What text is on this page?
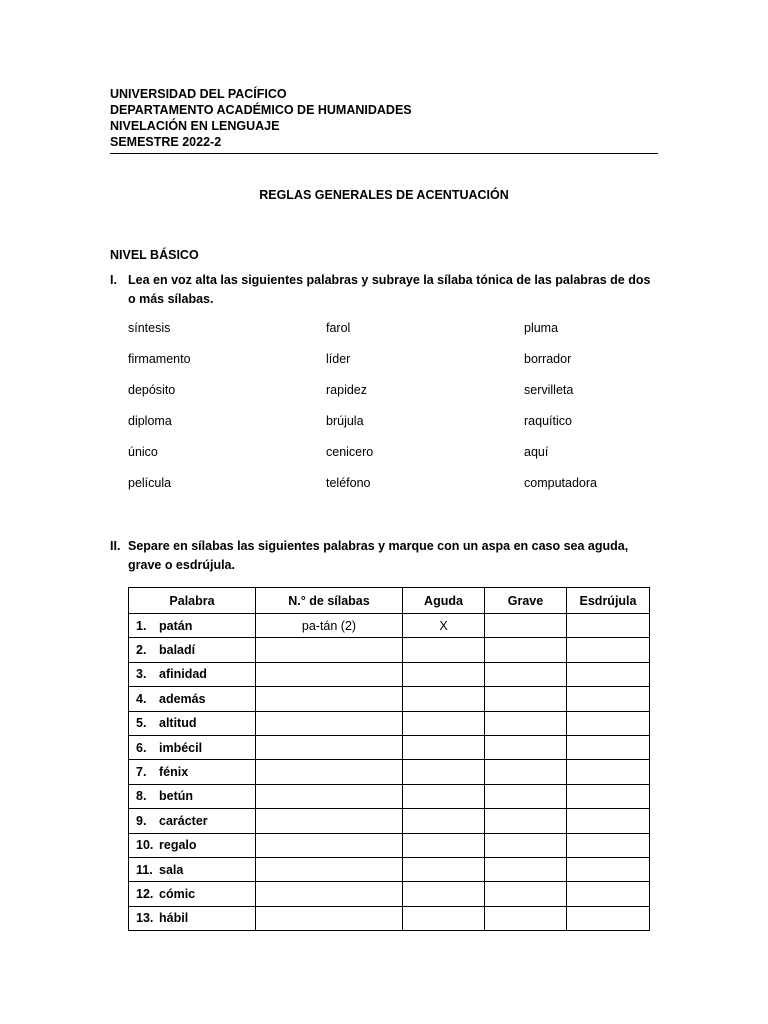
UNIVERSIDAD DEL PACÍFICO
DEPARTAMENTO ACADÉMICO DE HUMANIDADES
NIVELACIÓN EN LENGUAJE
SEMESTRE 2022-2
REGLAS GENERALES DE ACENTUACIÓN
NIVEL BÁSICO
I. Lea en voz alta las siguientes palabras y subraye la sílaba tónica de las palabras de dos o más sílabas.
síntesis	farol	pluma
firmamento	líder	borrador
depósito	rapidez	servilleta
diploma	brújula	raquítico
único	cenicero	aquí
película	teléfono	computadora
II. Separe en sílabas las siguientes palabras y marque con un aspa en caso sea aguda, grave o esdrújula.
Palabra	N.° de sílabas	Aguda	Grave	Esdrújula
1. patán	pa-tán (2)	X		
2. baladí				
3. afinidad				
4. además				
5. altitud				
6. imbécil				
7. fénix				
8. betún				
9. carácter				
10. regalo				
11. sala				
12. cómic				
13. hábil				
